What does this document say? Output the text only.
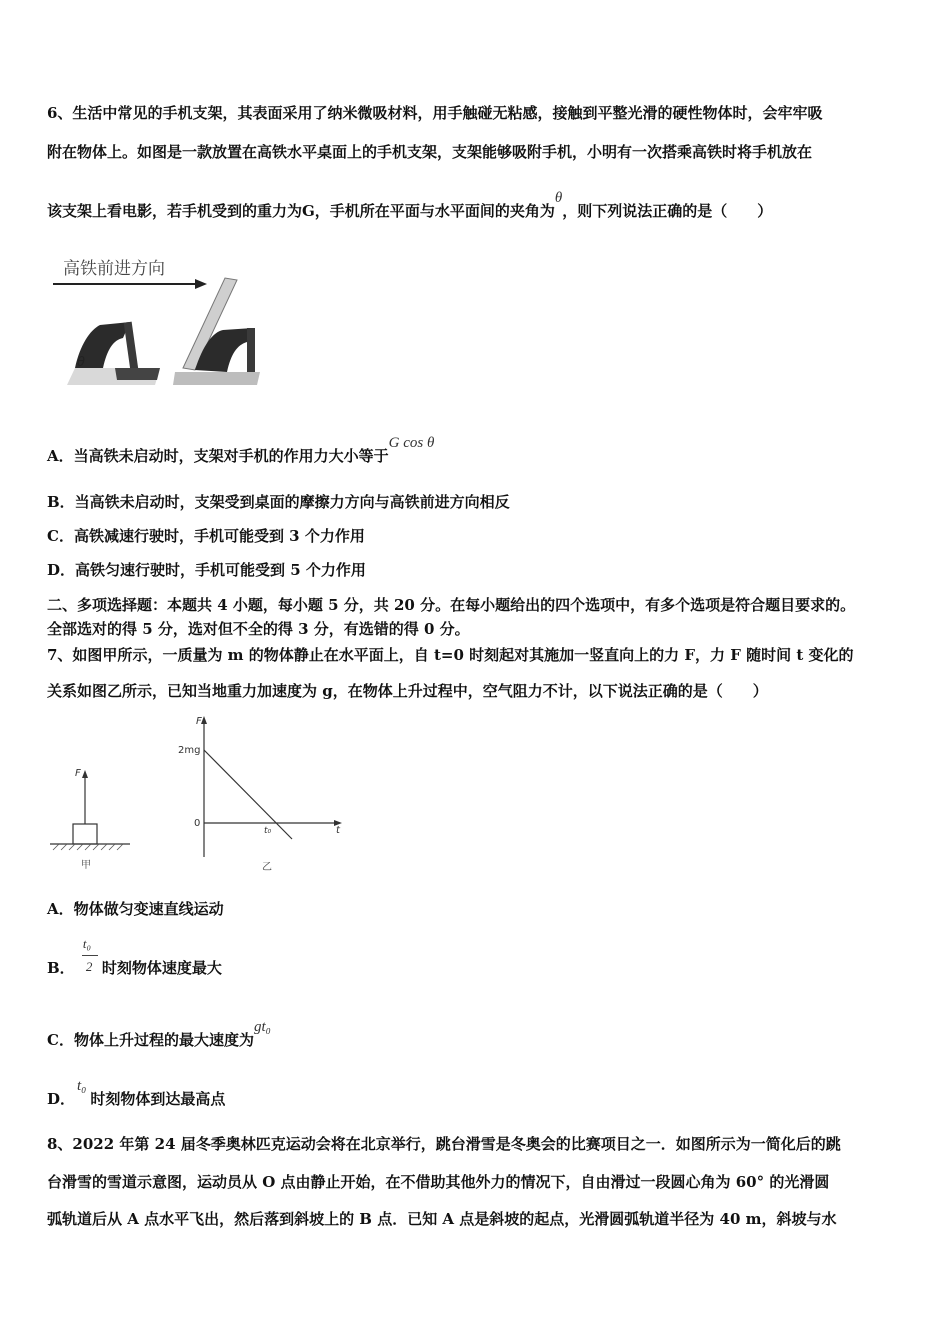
6、生活中常见的手机支架，其表面采用了纳米微吸材料，用手触碰无粘感，接触到平整光滑的硬性物体时，会牢牢吸
附在物体上。如图是一款放置在高铁水平桌面上的手机支架，支架能够吸附手机，小明有一次搭乘高铁时将手机放在
该支架上看电影，若手机受到的重力为G，手机所在平面与水平面间的夹角为θ，则下列说法正确的是（　　）
高铁前进方向
θ
A．当高铁未启动时，支架对手机的作用力大小等于G cos θ
B．当高铁未启动时，支架受到桌面的摩擦力方向与高铁前进方向相反
C．高铁减速行驶时，手机可能受到 3 个力作用
D．高铁匀速行驶时，手机可能受到 5 个力作用
二、多项选择题：本题共 4 小题，每小题 5 分，共 20 分。在每小题给出的四个选项中，有多个选项是符合题目要求的。
全部选对的得 5 分，选对但不全的得 3 分，有选错的得 0 分。
7、如图甲所示，一质量为 m 的物体静止在水平面上，自 t=0 时刻起对其施加一竖直向上的力 F，力 F 随时间 t 变化的
关系如图乙所示，已知当地重力加速度为 g，在物体上升过程中，空气阻力不计，以下说法正确的是（　　）
F
甲
F
t
2mg
0
t₀
乙
A．物体做匀变速直线运动
B． $\frac{\text{t₀}}{2}$ 时刻物体速度最大
C．物体上升过程的最大速度为gt₀
D．t₀时刻物体到达最高点
8、2022 年第 24 届冬季奥林匹克运动会将在北京举行，跳台滑雪是冬奥会的比赛项目之一．如图所示为一简化后的跳
台滑雪的雪道示意图，运动员从 O 点由静止开始，在不借助其他外力的情况下，自由滑过一段圆心角为 60° 的光滑圆
弧轨道后从 A 点水平飞出，然后落到斜坡上的 B 点．已知 A 点是斜坡的起点，光滑圆弧轨道半径为 40 m，斜坡与水
